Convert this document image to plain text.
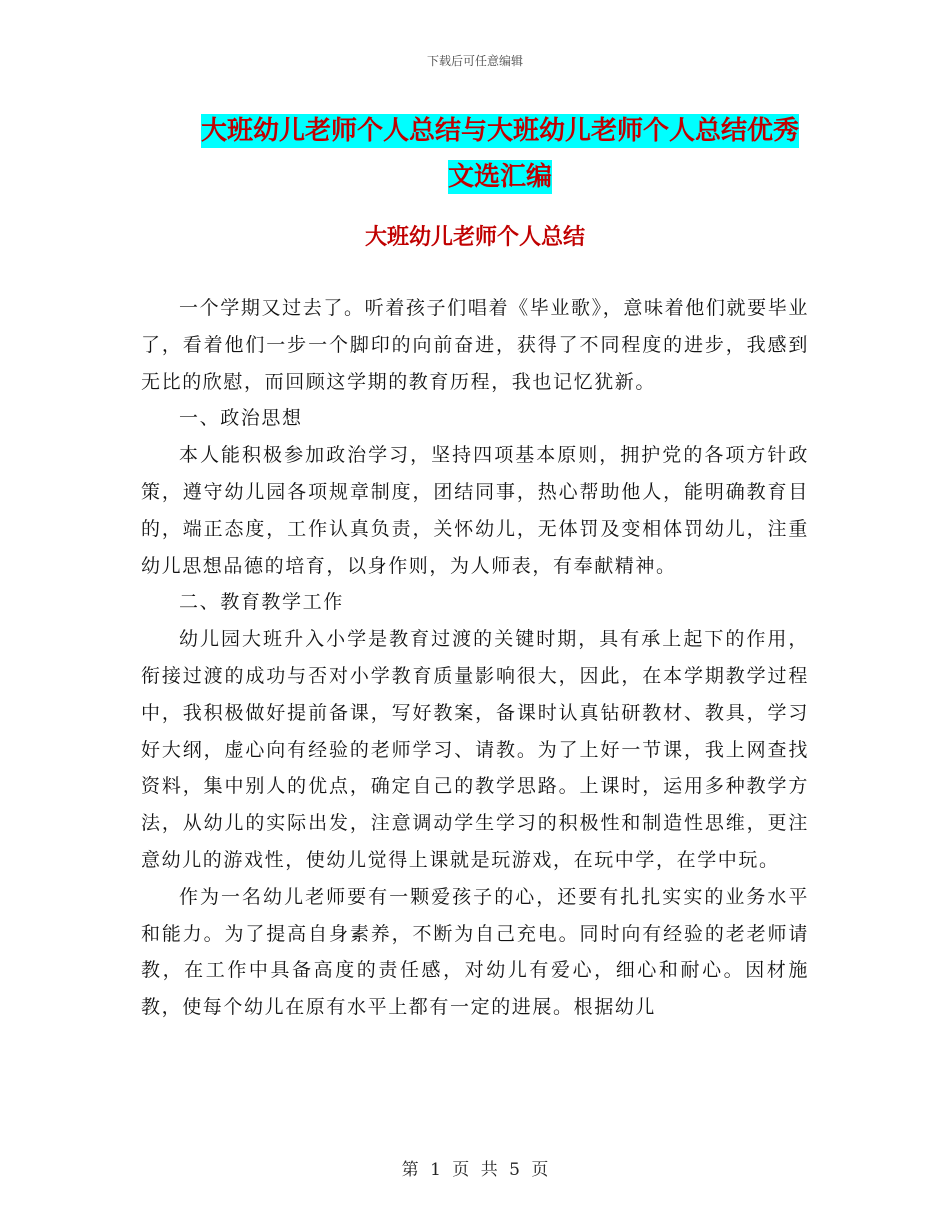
下载后可任意编辑
大班幼儿老师个人总结与大班幼儿老师个人总结优秀
文选汇编
大班幼儿老师个人总结

一个学期又过去了。听着孩子们唱着《毕业歌》，意味着他们就要毕业了，看着他们一步一个脚印的向前奋进，获得了不同程度的进步，我感到无比的欣慰，而回顾这学期的教育历程，我也记忆犹新。

一、政治思想

本人能积极参加政治学习，坚持四项基本原则，拥护党的各项方针政策，遵守幼儿园各项规章制度，团结同事，热心帮助他人，能明确教育目的，端正态度，工作认真负责，关怀幼儿，无体罚及变相体罚幼儿，注重幼儿思想品德的培育，以身作则，为人师表，有奉献精神。

二、教育教学工作

幼儿园大班升入小学是教育过渡的关键时期，具有承上起下的作用，衔接过渡的成功与否对小学教育质量影响很大，因此，在本学期教学过程中，我积极做好提前备课，写好教案，备课时认真钻研教材、教具，学习好大纲，虚心向有经验的老师学习、请教。为了上好一节课，我上网查找资料，集中别人的优点，确定自己的教学思路。上课时，运用多种教学方法，从幼儿的实际出发，注意调动学生学习的积极性和制造性思维，更注意幼儿的游戏性，使幼儿觉得上课就是玩游戏，在玩中学，在学中玩。

作为一名幼儿老师要有一颗爱孩子的心，还要有扎扎实实的业务水平和能力。为了提高自身素养，不断为自己充电。同时向有经验的老老师请教，在工作中具备高度的责任感，对幼儿有爱心，细心和耐心。因材施教，使每个幼儿在原有水平上都有一定的进展。根据幼儿

第 1 页 共 5 页
